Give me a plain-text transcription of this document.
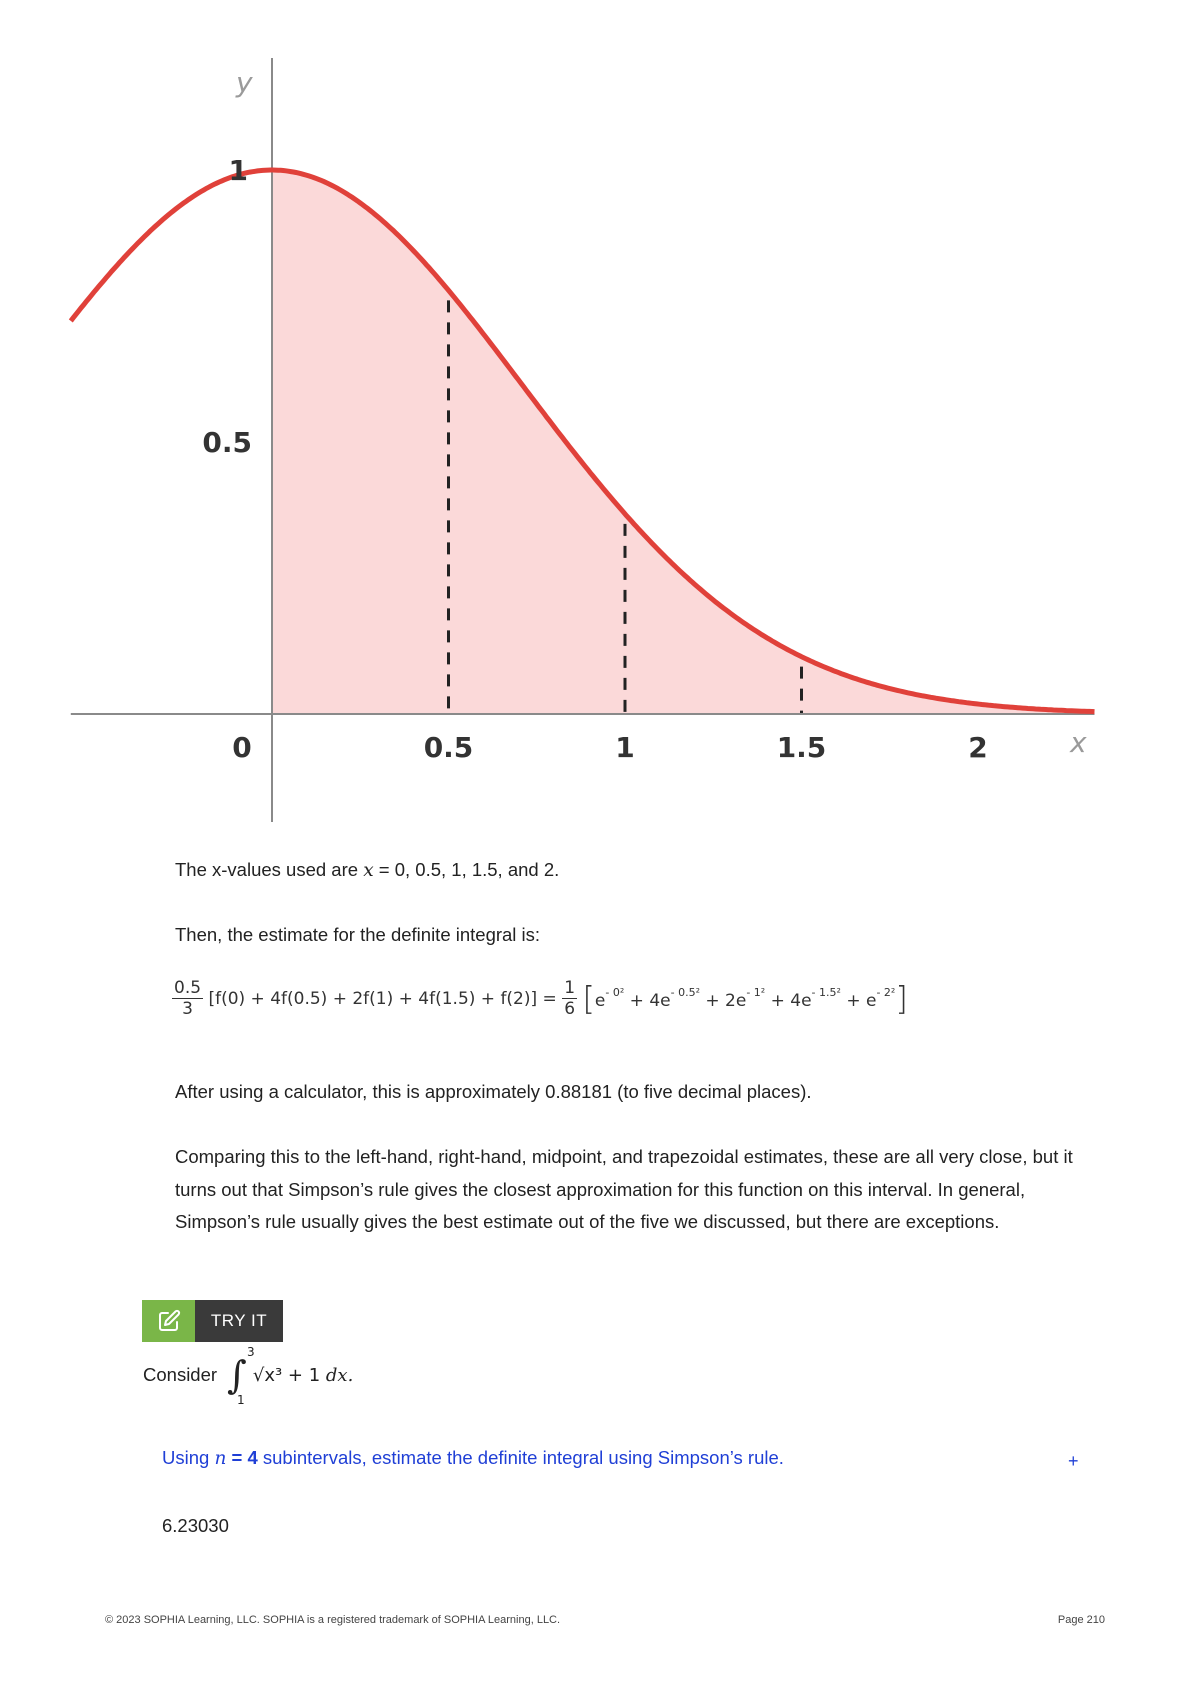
0	0.5	1	1.5	2
0.5
1
x
y

The x-values used are x = 0, 0.5, 1, 1.5, and 2.

Then, the estimate for the definite integral is:

$\frac{0.5}{3} [f(0) + 4f(0.5) + 2f(1) + 4f(1.5) + f(2)] = \frac{1}{6} [e^{- 0^2} + 4e^{- 0.5^2} + 2e^{- 1^2} + 4e^{- 1.5^2} + e^{- 2^2}]$

After using a calculator, this is approximately 0.88181 (to five decimal places).

Comparing this to the left-hand, right-hand, midpoint, and trapezoidal estimates, these are all very close, but it turns out that Simpson’s rule gives the closest approximation for this function on this interval. In general, Simpson’s rule usually gives the best estimate out of the five we discussed, but there are exceptions.

TRY IT
Consider ∫
3
1
√x³ + 1 dx.
Using n = 4 subintervals, estimate the definite integral using Simpson’s rule.	+
6.23030
© 2023 SOPHIA Learning, LLC. SOPHIA is a registered trademark of SOPHIA Learning, LLC.	Page 210
